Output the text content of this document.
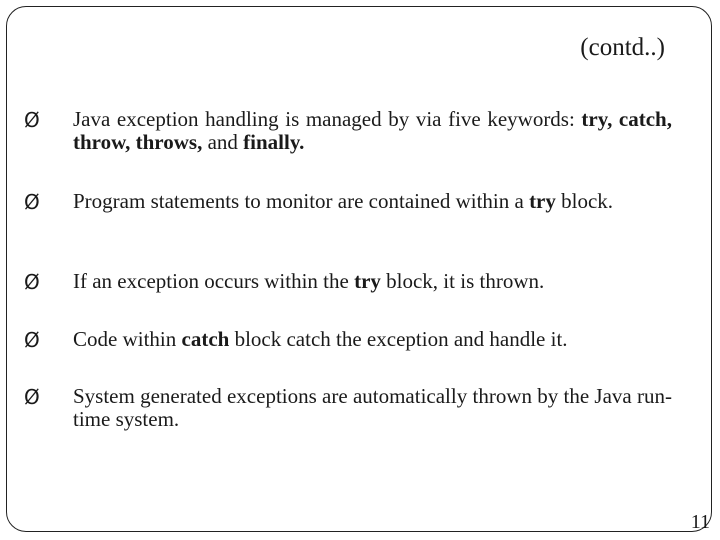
(contd..)
Ø	Java exception handling is managed by via five keywords: try, catch, throw, throws, and finally.
Ø	Program statements to monitor are contained within a try block.
Ø	If an exception occurs within the try block, it is thrown.
Ø	Code within catch block catch the exception and handle it.
Ø	System generated exceptions are automatically thrown by the Java run-time system.

11
